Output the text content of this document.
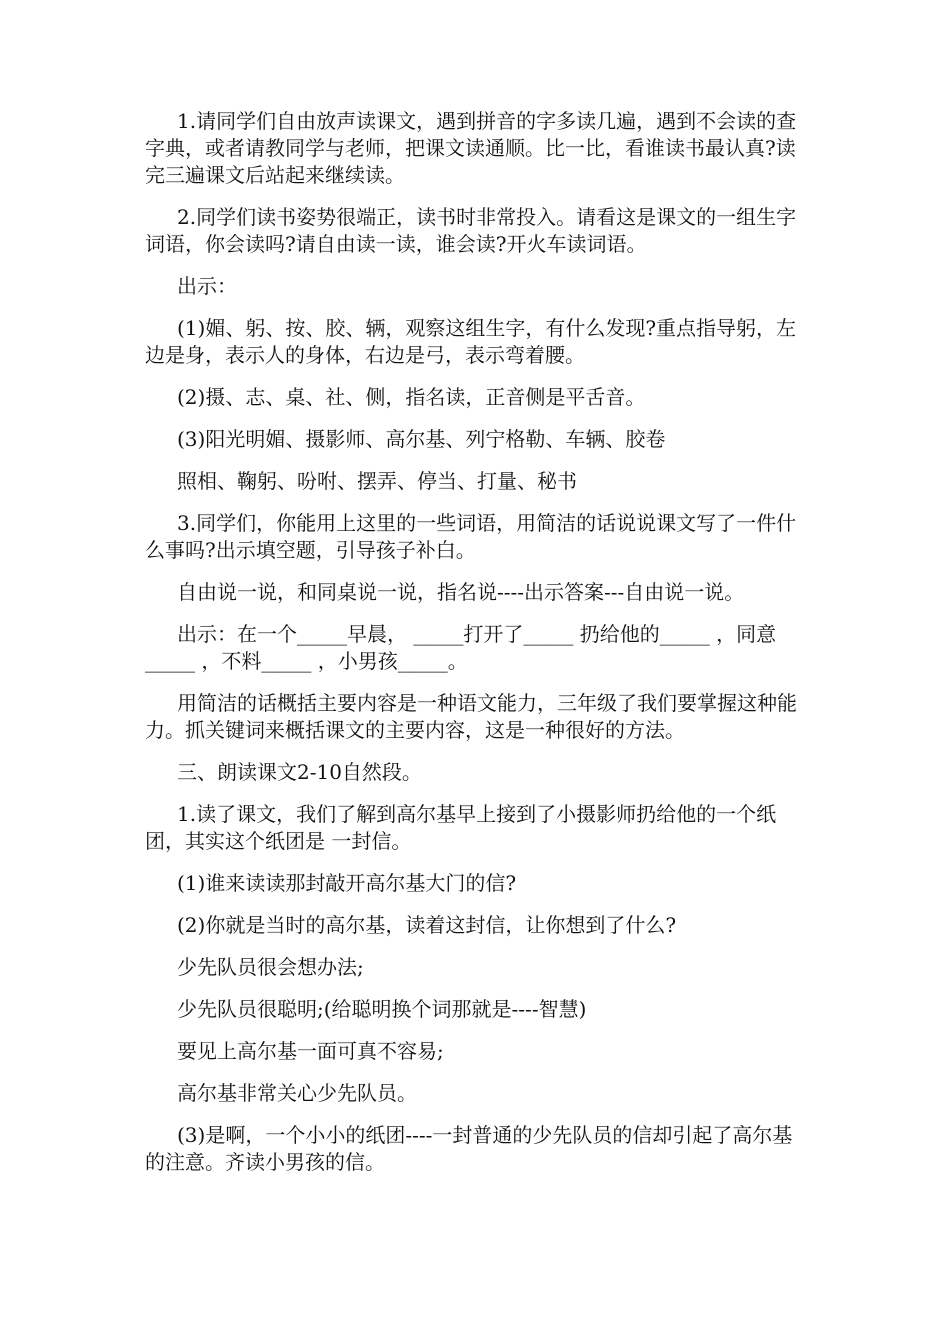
1.请同学们自由放声读课文，遇到拼音的字多读几遍，遇到不会读的查字典，或者请教同学与老师，把课文读通顺。比一比，看谁读书最认真?读完三遍课文后站起来继续读。

2.同学们读书姿势很端正，读书时非常投入。请看这是课文的一组生字词语，你会读吗?请自由读一读，谁会读?开火车读词语。

出示：

(1)媚、躬、按、胶、辆，观察这组生字，有什么发现?重点指导躬，左边是身，表示人的身体，右边是弓，表示弯着腰。

(2)摄、志、桌、社、侧，指名读，正音侧是平舌音。

(3)阳光明媚、摄影师、高尔基、列宁格勒、车辆、胶卷

照相、鞠躬、吩咐、摆弄、停当、打量、秘书

3.同学们，你能用上这里的一些词语，用简洁的话说说课文写了一件什么事吗?出示填空题，引导孩子补白。

自由说一说，和同桌说一说，指名说----出示答案---自由说一说。

出示：在一个_____早晨， _____打开了_____ 扔给他的_____ ，同意_____ ，不料_____ ，小男孩_____。

用简洁的话概括主要内容是一种语文能力，三年级了我们要掌握这种能力。抓关键词来概括课文的主要内容，这是一种很好的方法。

三、朗读课文2-10自然段。

1.读了课文，我们了解到高尔基早上接到了小摄影师扔给他的一个纸团，其实这个纸团是 一封信。

(1)谁来读读那封敲开高尔基大门的信?

(2)你就是当时的高尔基，读着这封信，让你想到了什么?

少先队员很会想办法;

少先队员很聪明;(给聪明换个词那就是----智慧)

要见上高尔基一面可真不容易;

高尔基非常关心少先队员。

(3)是啊，一个小小的纸团----一封普通的少先队员的信却引起了高尔基的注意。齐读小男孩的信。
